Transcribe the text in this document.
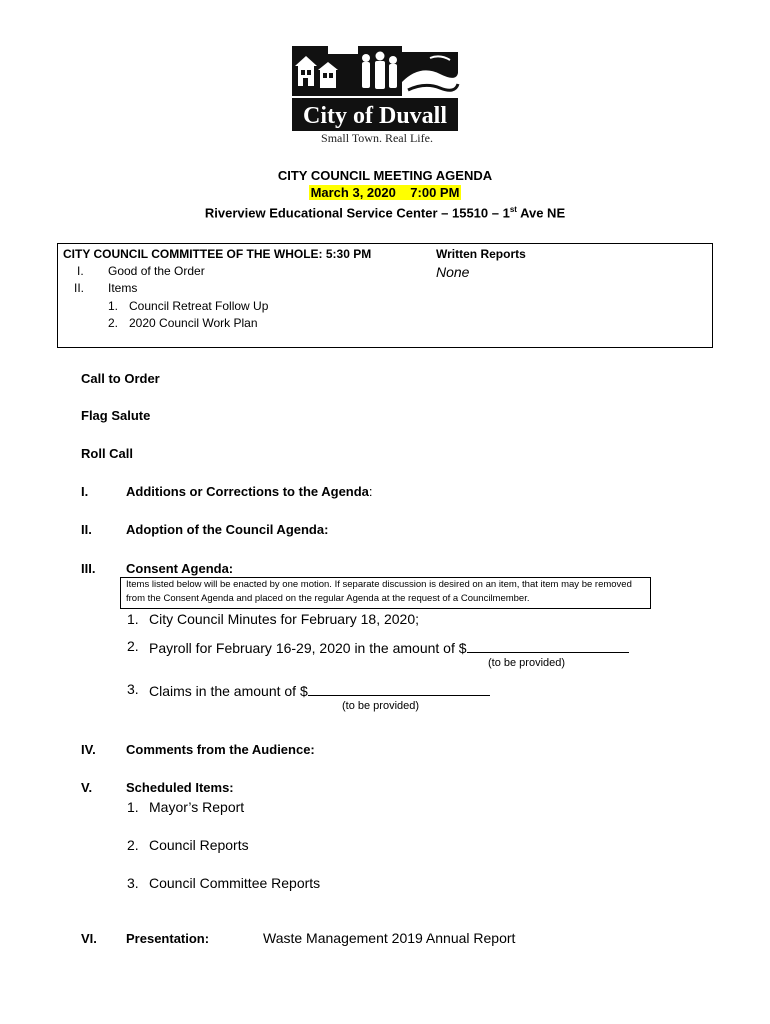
City of Duvall
Small Town. Real Life.
CITY COUNCIL MEETING AGENDA
March 3, 2020    7:00 PM
Riverview Educational Service Center – 15510 – 1st Ave NE
CITY COUNCIL COMMITTEE OF THE WHOLE: 5:30 PM
I. Good of the Order
II. Items
1. Council Retreat Follow Up
2. 2020 Council Work Plan
Written Reports
None
Call to Order
Flag Salute
Roll Call
I.	Additions or Corrections to the Agenda:
II.	Adoption of the Council Agenda:
III. Consent Agenda:
Items listed below will be enacted by one motion. If separate discussion is desired on an item, that item may be removed from the Consent Agenda and placed on the regular Agenda at the request of a Councilmember.
1. City Council Minutes for February 18, 2020;
2. Payroll for February 16-29, 2020 in the amount of $
(to be provided)
3. Claims in the amount of $
(to be provided)
IV. Comments from the Audience:
V.	Scheduled Items:
1. Mayor’s Report
2. Council Reports
3. Council Committee Reports
VI. Presentation:	Waste Management 2019 Annual Report
